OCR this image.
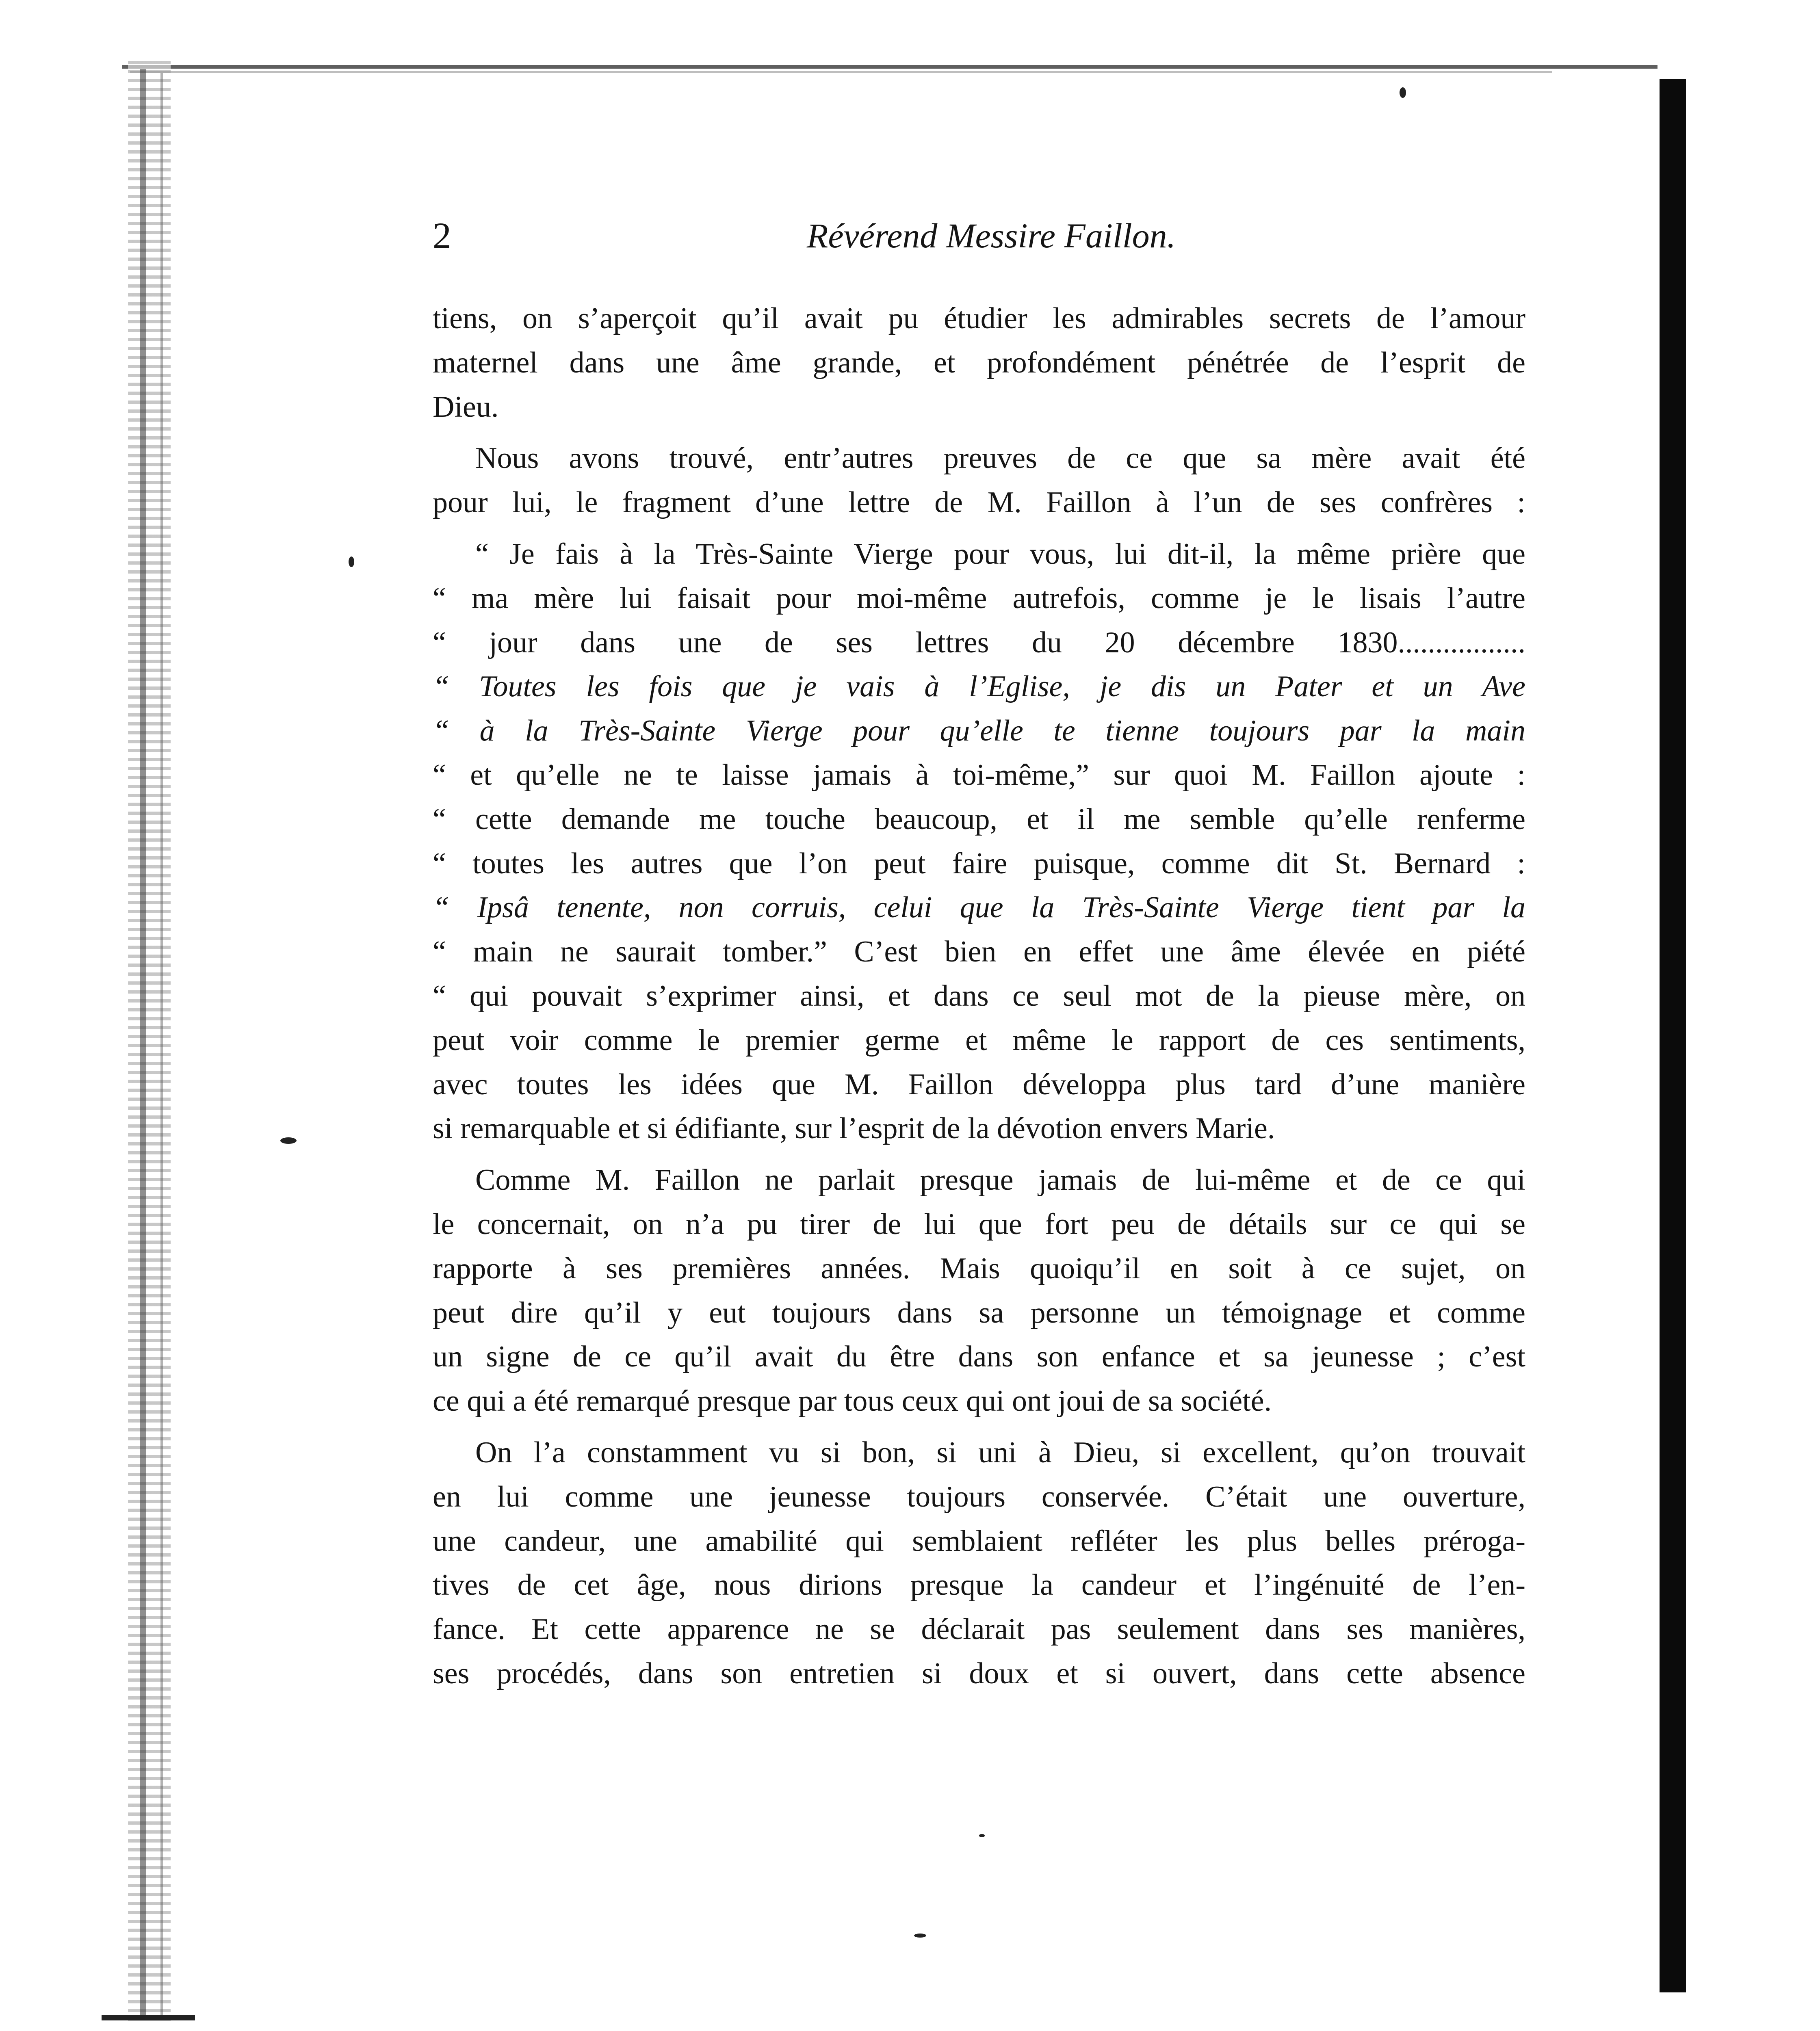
2	Révérend Messire Faillon.

tiens, on s’aperçoit qu’il avait pu étudier les admirables secrets de l’amour
maternel dans une âme grande, et profondément pénétrée de l’esprit de
Dieu.

Nous avons trouvé, entr’autres preuves de ce que sa mère avait été
pour lui, le fragment d’une lettre de M. Faillon à l’un de ses confrères :

“ Je fais à la Très-Sainte Vierge pour vous, lui dit-il, la même prière que
“ ma mère lui faisait pour moi-même autrefois, comme je le lisais l’autre
“ jour dans une de ses lettres du 20 décembre 1830.................
“ Toutes les fois que je vais à l’Eglise, je dis un Pater et un Ave
“ à la Très-Sainte Vierge pour qu’elle te tienne toujours par la main
“ et qu’elle ne te laisse jamais à toi-même,” sur quoi M. Faillon ajoute :
“ cette demande me touche beaucoup, et il me semble qu’elle renferme
“ toutes les autres que l’on peut faire puisque, comme dit St. Bernard :
“ Ipsâ tenente, non corruis, celui que la Très-Sainte Vierge tient par la
“ main ne saurait tomber.” C’est bien en effet une âme élevée en piété
“ qui pouvait s’exprimer ainsi, et dans ce seul mot de la pieuse mère, on
peut voir comme le premier germe et même le rapport de ces sentiments,
avec toutes les idées que M. Faillon développa plus tard d’une manière
si remarquable et si édifiante, sur l’esprit de la dévotion envers Marie.

Comme M. Faillon ne parlait presque jamais de lui-même et de ce qui
le concernait, on n’a pu tirer de lui que fort peu de détails sur ce qui se
rapporte à ses premières années. Mais quoiqu’il en soit à ce sujet, on
peut dire qu’il y eut toujours dans sa personne un témoignage et comme
un signe de ce qu’il avait du être dans son enfance et sa jeunesse ; c’est
ce qui a été remarqué presque par tous ceux qui ont joui de sa société.

On l’a constamment vu si bon, si uni à Dieu, si excellent, qu’on trouvait
en lui comme une jeunesse toujours conservée. C’était une ouverture,
une candeur, une amabilité qui semblaient refléter les plus belles préroga-
tives de cet âge, nous dirions presque la candeur et l’ingénuité de l’en-
fance. Et cette apparence ne se déclarait pas seulement dans ses manières,
ses procédés, dans son entretien si doux et si ouvert, dans cette absence
